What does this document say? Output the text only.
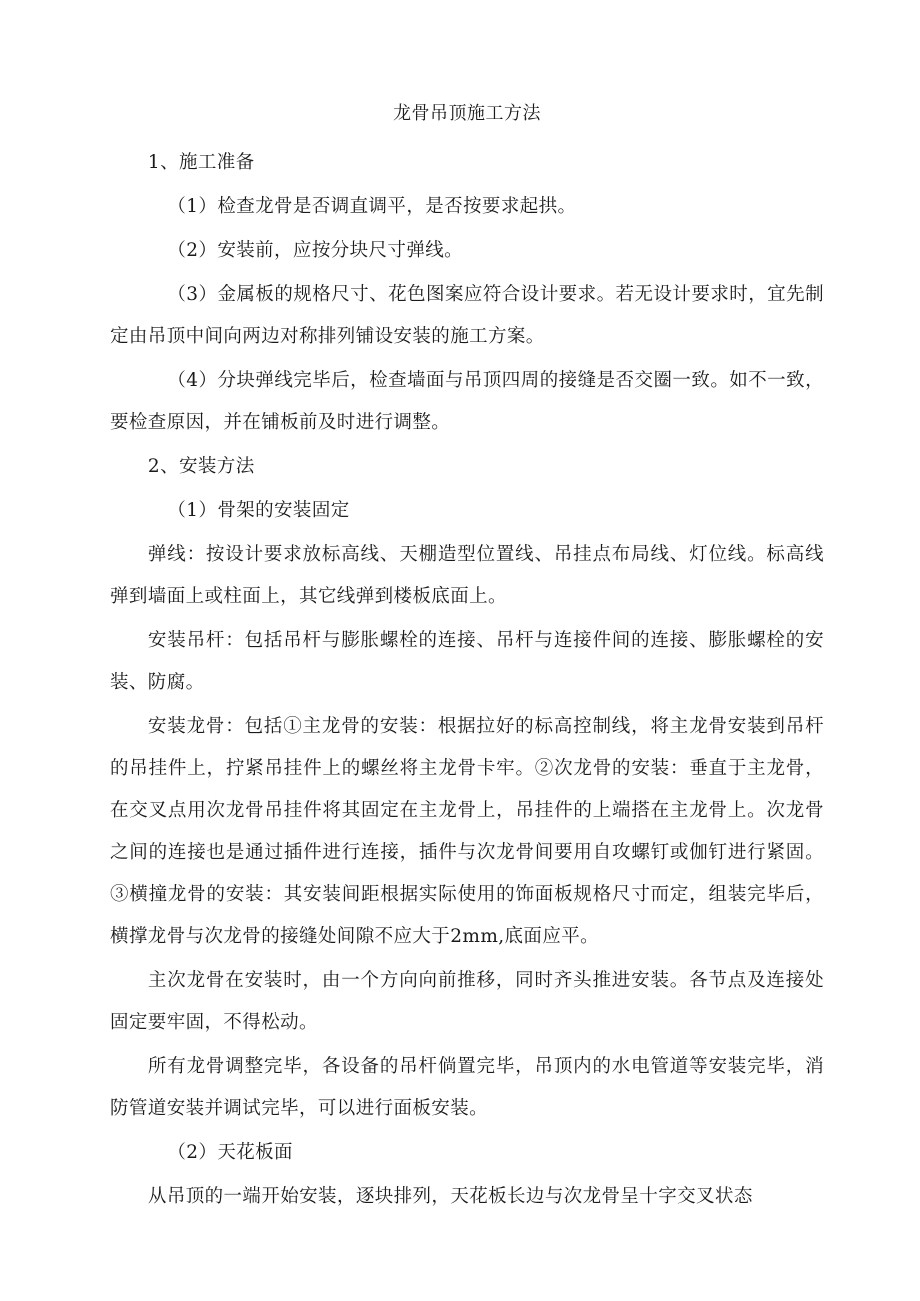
龙骨吊顶施工方法

1、施工准备

（1）检查龙骨是否调直调平，是否按要求起拱。

（2）安装前，应按分块尺寸弹线。

（3）金属板的规格尺寸、花色图案应符合设计要求。若无设计要求时，宜先制定由吊顶中间向两边对称排列铺设安装的施工方案。

（4）分块弹线完毕后，检查墙面与吊顶四周的接缝是否交圈一致。如不一致，要检查原因，并在铺板前及时进行调整。

2、安装方法

（1）骨架的安装固定

弹线：按设计要求放标高线、天棚造型位置线、吊挂点布局线、灯位线。标高线弹到墙面上或柱面上，其它线弹到楼板底面上。

安装吊杆：包括吊杆与膨胀螺栓的连接、吊杆与连接件间的连接、膨胀螺栓的安装、防腐。

安装龙骨：包括①主龙骨的安装：根据拉好的标高控制线，将主龙骨安装到吊杆的吊挂件上，拧紧吊挂件上的螺丝将主龙骨卡牢。②次龙骨的安装：垂直于主龙骨，在交叉点用次龙骨吊挂件将其固定在主龙骨上，吊挂件的上端搭在主龙骨上。次龙骨之间的连接也是通过插件进行连接，插件与次龙骨间要用自攻螺钉或伽钉进行紧固。③横撞龙骨的安装：其安装间距根据实际使用的饰面板规格尺寸而定，组装完毕后，横撑龙骨与次龙骨的接缝处间隙不应大于2mm,底面应平。

主次龙骨在安装时，由一个方向向前推移，同时齐头推进安装。各节点及连接处固定要牢固，不得松动。

所有龙骨调整完毕，各设备的吊杆倘置完毕，吊顶内的水电管道等安装完毕，消防管道安装并调试完毕，可以进行面板安装。

（2）天花板面

从吊顶的一端开始安装，逐块排列，天花板长边与次龙骨呈十字交叉状态
